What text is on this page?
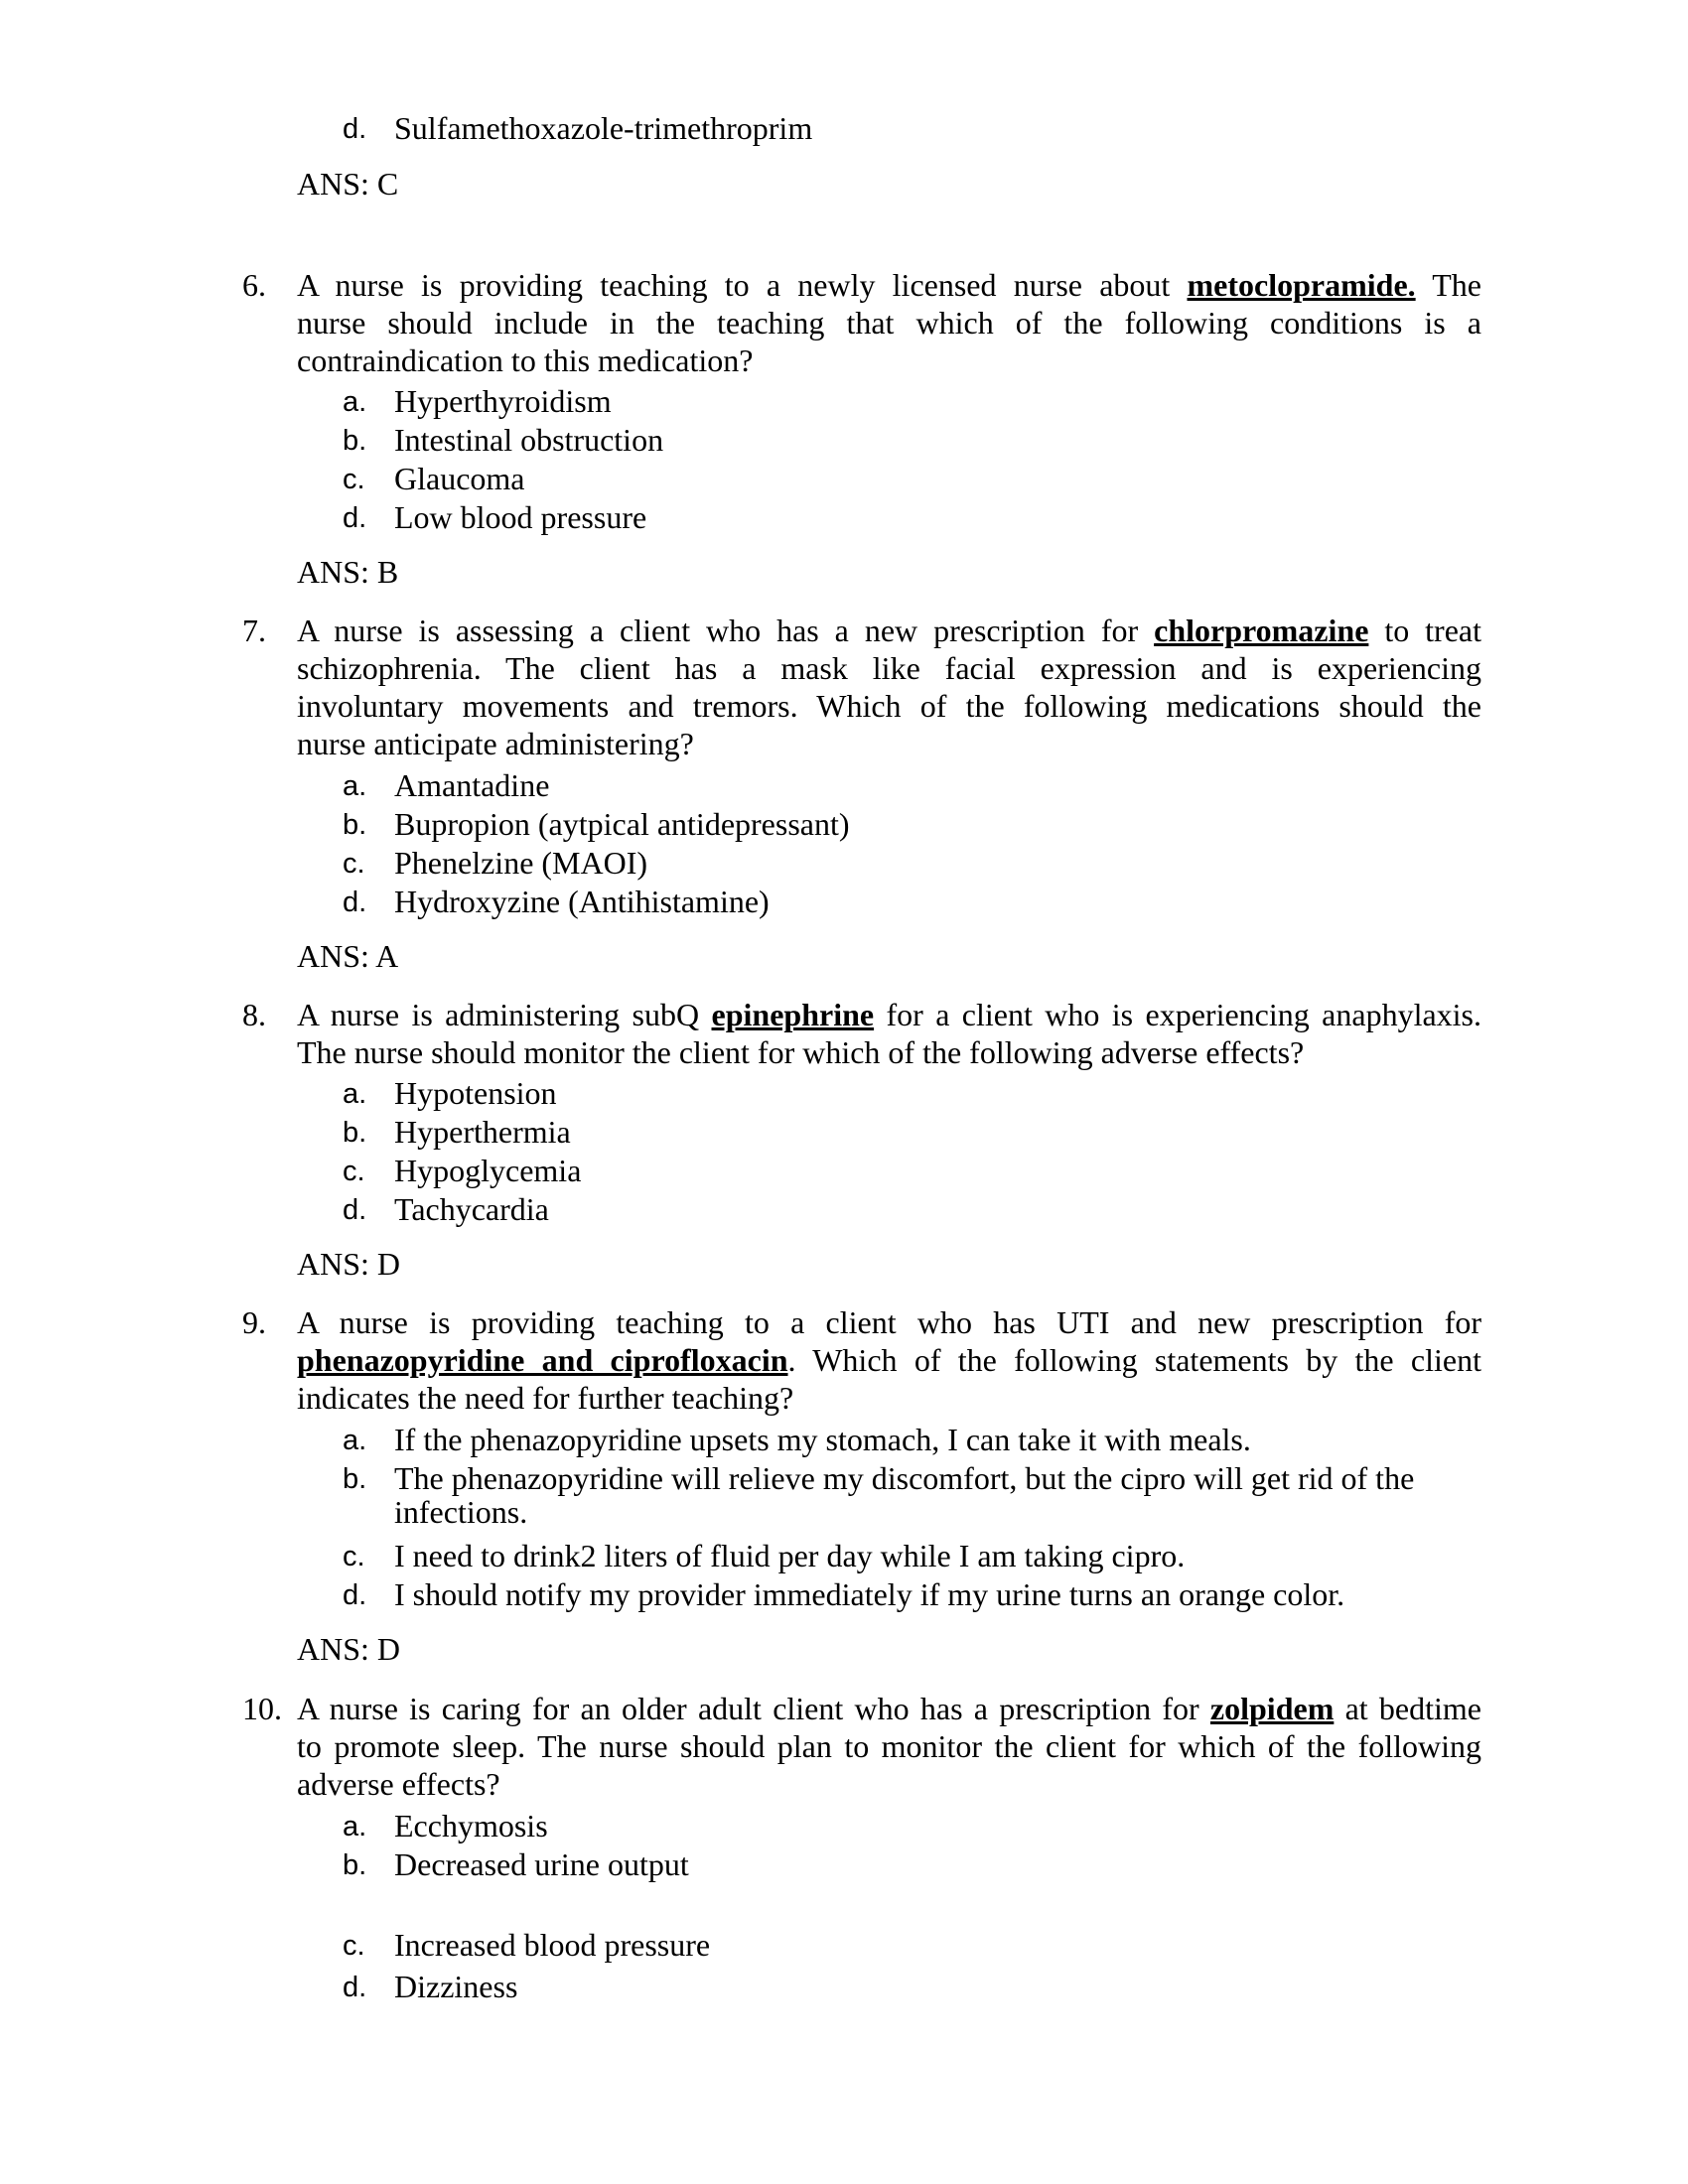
d. Sulfamethoxazole-trimethroprim
ANS: C
6. A nurse is providing teaching to a newly licensed nurse about metoclopramide. The
nurse should include in the teaching that which of the following conditions is a
contraindication to this medication?
a. Hyperthyroidism
b. Intestinal obstruction
c. Glaucoma
d. Low blood pressure
ANS: B
7. A nurse is assessing a client who has a new prescription for chlorpromazine to treat
schizophrenia. The client has a mask like facial expression and is experiencing
involuntary movements and tremors. Which of the following medications should the
nurse anticipate administering?
a. Amantadine
b. Bupropion (aytpical antidepressant)
c. Phenelzine (MAOI)
d. Hydroxyzine (Antihistamine)
ANS: A
8. A nurse is administering subQ epinephrine for a client who is experiencing anaphylaxis.
The nurse should monitor the client for which of the following adverse effects?
a. Hypotension
b. Hyperthermia
c. Hypoglycemia
d. Tachycardia
ANS: D
9. A nurse is providing teaching to a client who has UTI and new prescription for
phenazopyridine and ciprofloxacin. Which of the following statements by the client
indicates the need for further teaching?
a. If the phenazopyridine upsets my stomach, I can take it with meals.
b. The phenazopyridine will relieve my discomfort, but the cipro will get rid of the
infections.
c. I need to drink2 liters of fluid per day while I am taking cipro.
d. I should notify my provider immediately if my urine turns an orange color.
ANS: D
10. A nurse is caring for an older adult client who has a prescription for zolpidem at bedtime
to promote sleep. The nurse should plan to monitor the client for which of the following
adverse effects?
a. Ecchymosis
b. Decreased urine output
c. Increased blood pressure
d. Dizziness
